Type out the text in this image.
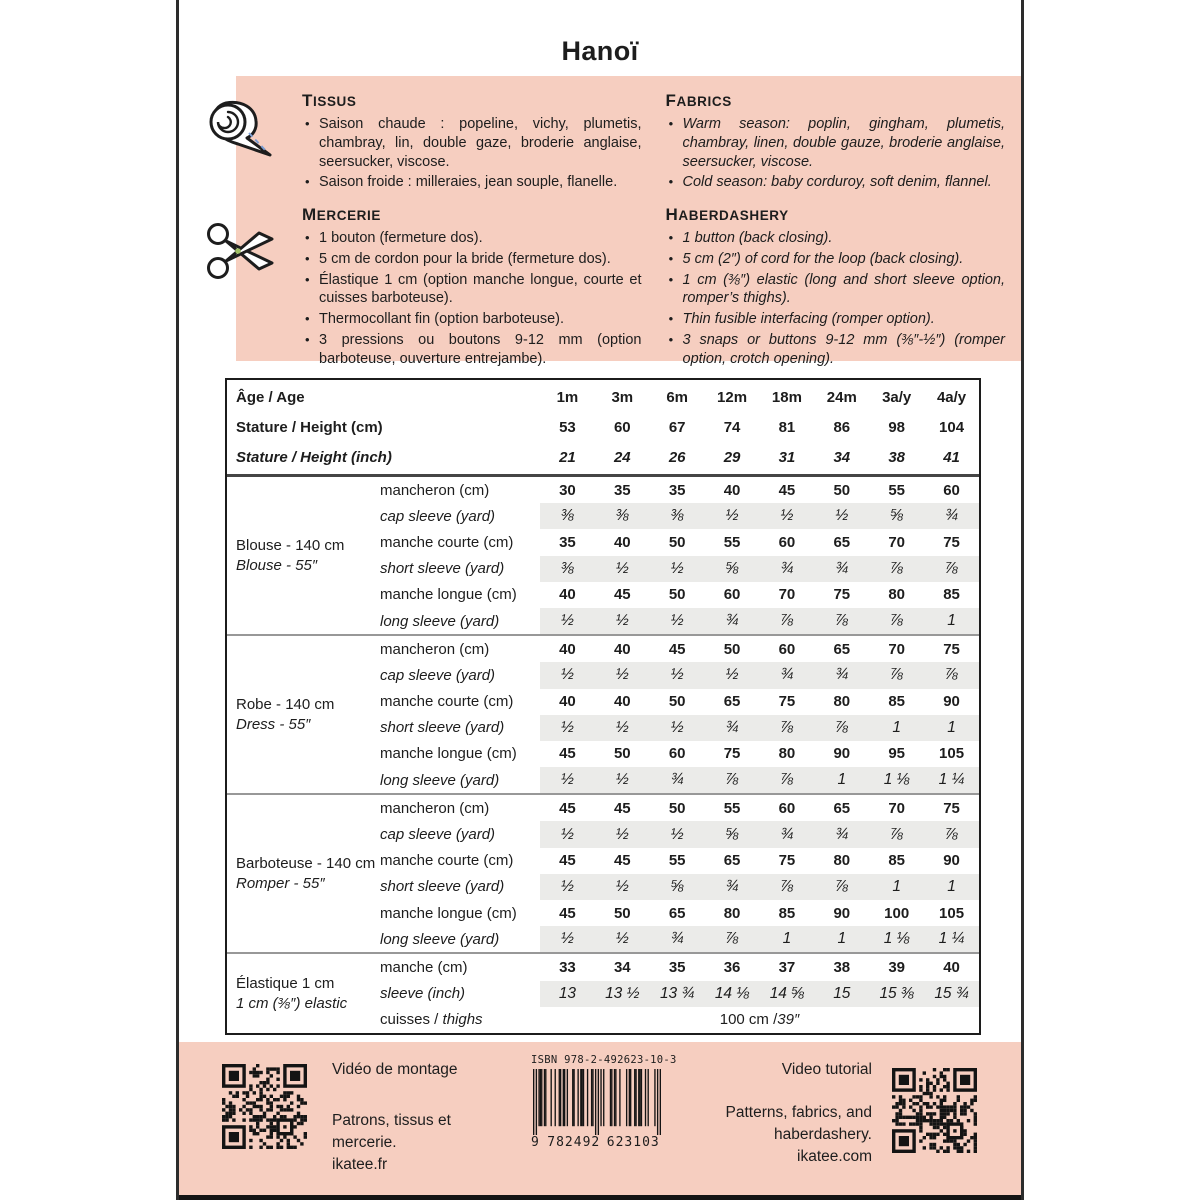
Hanoï
TISSUS
• Saison chaude : popeline, vichy, plumetis, chambray, lin, double gaze, broderie anglaise, seersucker, viscose.
• Saison froide : milleraies, jean souple, flanelle.
MERCERIE
• 1 bouton (fermeture dos).
• 5 cm de cordon pour la bride (fermeture dos).
• Élastique 1 cm (option manche longue, courte et cuisses barboteuse).
• Thermocollant fin (option barboteuse).
• 3 pressions ou boutons 9-12 mm (option barboteuse, ouverture entrejambe).
FABRICS
• Warm season: poplin, gingham, plumetis, chambray, linen, double gauze, broderie anglaise, seersucker, viscose.
• Cold season: baby corduroy, soft denim, flannel.
HABERDASHERY
• 1 button (back closing).
• 5 cm (2″) of cord for the loop (back closing).
• 1 cm (⅜″) elastic (long and short sleeve option, romper’s thighs).
• Thin fusible interfacing (romper option).
• 3 snaps or buttons 9-12 mm (⅜″-½″) (romper option, crotch opening).
Âge / Age	1m	3m	6m	12m	18m	24m	3a/y	4a/y
Stature / Height (cm)	53	60	67	74	81	86	98	104
Stature / Height (inch)	21	24	26	29	31	34	38	41
Blouse - 140 cm
Blouse - 55″
mancheron (cm)	30	35	35	40	45	50	55	60
cap sleeve (yard)	⅜	⅜	⅜	½	½	½	⅝	¾
manche courte (cm)	35	40	50	55	60	65	70	75
short sleeve (yard)	⅜	½	½	⅝	¾	¾	⅞	⅞
manche longue (cm)	40	45	50	60	70	75	80	85
long sleeve (yard)	½	½	½	¾	⅞	⅞	⅞	1
Robe - 140 cm
Dress - 55″
mancheron (cm)	40	40	45	50	60	65	70	75
cap sleeve (yard)	½	½	½	½	¾	¾	⅞	⅞
manche courte (cm)	40	40	50	65	75	80	85	90
short sleeve (yard)	½	½	½	¾	⅞	⅞	1	1
manche longue (cm)	45	50	60	75	80	90	95	105
long sleeve (yard)	½	½	¾	⅞	⅞	1	1 ⅛	1 ¼
Barboteuse - 140 cm
Romper - 55″
mancheron (cm)	45	45	50	55	60	65	70	75
cap sleeve (yard)	½	½	½	⅝	¾	¾	⅞	⅞
manche courte (cm)	45	45	55	65	75	80	85	90
short sleeve (yard)	½	½	⅝	¾	⅞	⅞	1	1
manche longue (cm)	45	50	65	80	85	90	100	105
long sleeve (yard)	½	½	¾	⅞	1	1	1 ⅛	1 ¼
Élastique 1 cm
1 cm (⅜″) elastic
manche (cm)	33	34	35	36	37	38	39	40
sleeve (inch)	13	13 ½	13 ¾	14 ⅛	14 ⅝	15	15 ⅜	15 ¾
cuisses / thighs	100 cm / 39″
Vidéo de montage
Patrons, tissus et mercerie.
ikatee.fr
ISBN 978-2-492623-10-3
9 782492 623103
Video tutorial
Patterns, fabrics, and haberdashery.
ikatee.com
